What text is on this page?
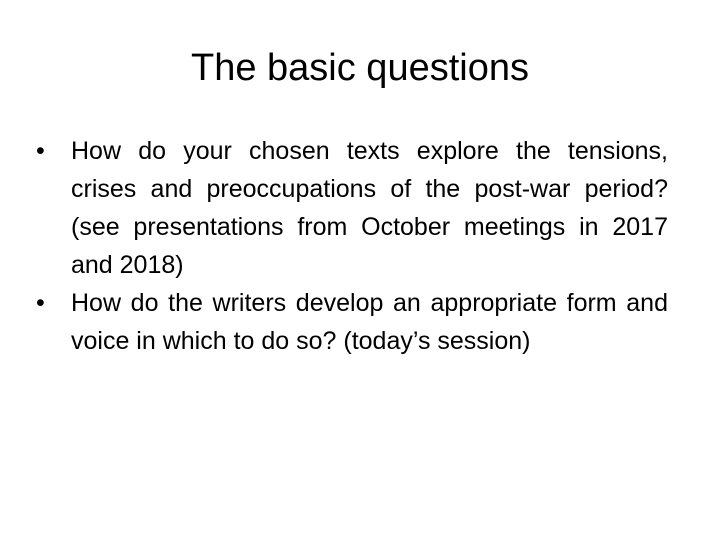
The basic questions
•	How do your chosen texts explore the tensions, crises and preoccupations of the post-war period? (see presentations from October meetings in 2017 and 2018)
•	How do the writers develop an appropriate form and voice in which to do so? (today’s session)
